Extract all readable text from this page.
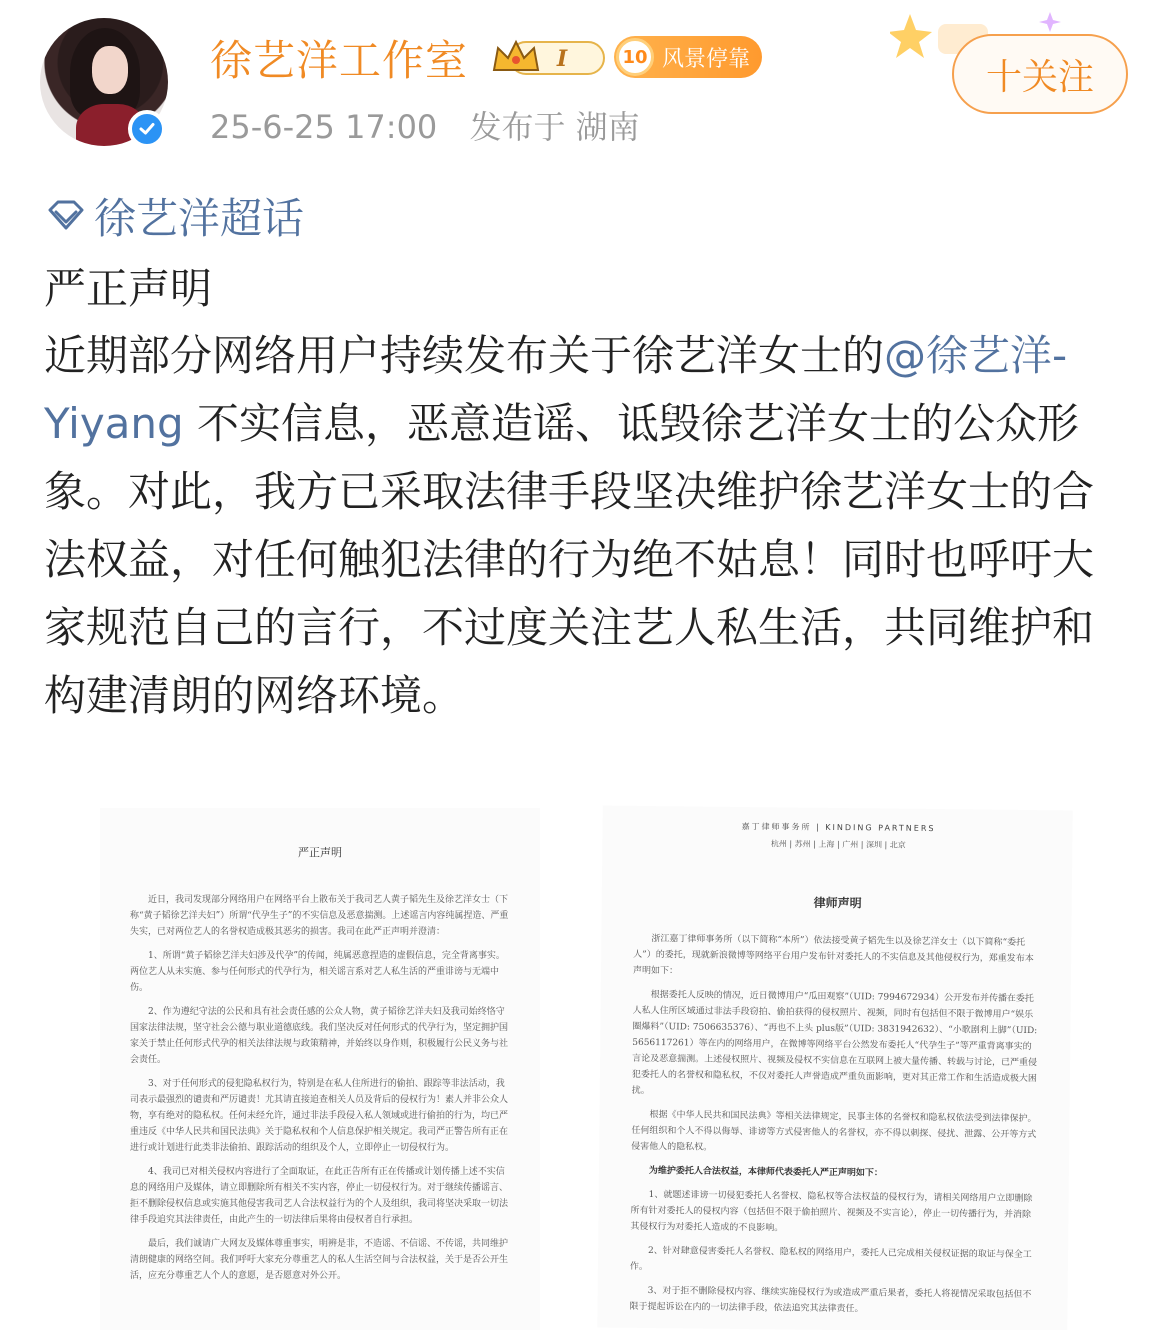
徐艺洋工作室	I	10 风景停靠
25-6-25 17:00 发布于 湖南
十关注
徐艺洋超话
严正声明
近期部分网络用户持续发布关于徐艺洋女士的@徐艺洋-Yiyang 不实信息，恶意造谣、诋毁徐艺洋女士的公众形象。对此，我方已采取法律手段坚决维护徐艺洋女士的合法权益，对任何触犯法律的行为绝不姑息！同时也呼吁大家规范自己的言行，不过度关注艺人私生活，共同维护和构建清朗的网络环境。
严正声明
近日，我司发现部分网络用户在网络平台上散布关于我司艺人黄子韬先生及徐艺洋女士（下称“黄子韬徐艺洋夫妇”）所谓“代孕生子”的不实信息及恶意揣测。上述谣言内容纯属捏造、严重失实，已对两位艺人的名誉权造成极其恶劣的损害。我司在此严正声明并澄清：
1、所谓“黄子韬徐艺洋夫妇涉及代孕”的传闻，纯属恶意捏造的虚假信息，完全背离事实。两位艺人从未实施、参与任何形式的代孕行为，相关谣言系对艺人私生活的严重诽谤与无端中伤。
2、作为遵纪守法的公民和具有社会责任感的公众人物，黄子韬徐艺洋夫妇及我司始终恪守国家法律法规，坚守社会公德与职业道德底线。我们坚决反对任何形式的代孕行为，坚定拥护国家关于禁止任何形式代孕的相关法律法规与政策精神，并始终以身作则，积极履行公民义务与社会责任。
3、对于任何形式的侵犯隐私权行为，特别是在私人住所进行的偷拍、跟踪等非法活动，我司表示最强烈的谴责和严厉谴责！尤其请直接追查相关人员及背后的侵权行为！素人并非公众人物，享有绝对的隐私权。任何未经允许，通过非法手段侵入私人领域或进行偷拍的行为，均已严重违反《中华人民共和国民法典》关于隐私权和个人信息保护相关规定。我司严正警告所有正在进行或计划进行此类非法偷拍、跟踪活动的组织及个人，立即停止一切侵权行为。
4、我司已对相关侵权内容进行了全面取证，在此正告所有正在传播或计划传播上述不实信息的网络用户及媒体，请立即删除所有相关不实内容，停止一切侵权行为。对于继续传播谣言、拒不删除侵权信息或实施其他侵害我司艺人合法权益行为的个人及组织，我司将坚决采取一切法律手段追究其法律责任，由此产生的一切法律后果将由侵权者自行承担。
最后，我们诚请广大网友及媒体尊重事实，明辨是非，不造谣、不信谣、不传谣，共同维护清朗健康的网络空间。我们呼吁大家充分尊重艺人的私人生活空间与合法权益，关于是否公开生活，应充分尊重艺人个人的意愿，是否愿意对外公开。
嘉丁律师事务所 | KINDING PARTNERS
杭州 | 苏州 | 上海 | 广州 | 深圳 | 北京
律师声明
浙江嘉丁律师事务所（以下简称“本所”）依法接受黄子韬先生以及徐艺洋女士（以下简称“委托人”）的委托，现就新浪微博等网络平台用户发布针对委托人的不实信息及其他侵权行为，郑重发布本声明如下：
根据委托人反映的情况，近日微博用户“瓜田观察”（UID: 7994672934）公开发布并传播在委托人私人住所区域通过非法手段窃拍、偷拍获得的侵权照片、视频，同时有包括但不限于微博用户“娱乐圈爆料”（UID: 7506635376）、“再也不上头 plus版”（UID: 3831942632）、“小歌剧利上脚”（UID: 5656117261）等在内的网络用户，在微博等网络平台公然发布委托人“代孕生子”等严重背离事实的言论及恶意揣测。上述侵权照片、视频及侵权不实信息在互联网上被大量传播、转载与讨论，已严重侵犯委托人的名誉权和隐私权，不仅对委托人声誉造成严重负面影响，更对其正常工作和生活造成极大困扰。
根据《中华人民共和国民法典》等相关法律规定，民事主体的名誉权和隐私权依法受到法律保护。任何组织和个人不得以侮辱、诽谤等方式侵害他人的名誉权，亦不得以刺探、侵扰、泄露、公开等方式侵害他人的隐私权。
为维护委托人合法权益，本律师代表委托人严正声明如下：
1、就题述诽谤一切侵犯委托人名誉权、隐私权等合法权益的侵权行为，请相关网络用户立即删除所有针对委托人的侵权内容（包括但不限于偷拍照片、视频及不实言论），停止一切传播行为，并消除其侵权行为对委托人造成的不良影响。
2、针对肆意侵害委托人名誉权、隐私权的网络用户，委托人已完成相关侵权证据的取证与保全工作。
3、对于拒不删除侵权内容、继续实施侵权行为或造成严重后果者，委托人将视情况采取包括但不限于提起诉讼在内的一切法律手段，依法追究其法律责任。
